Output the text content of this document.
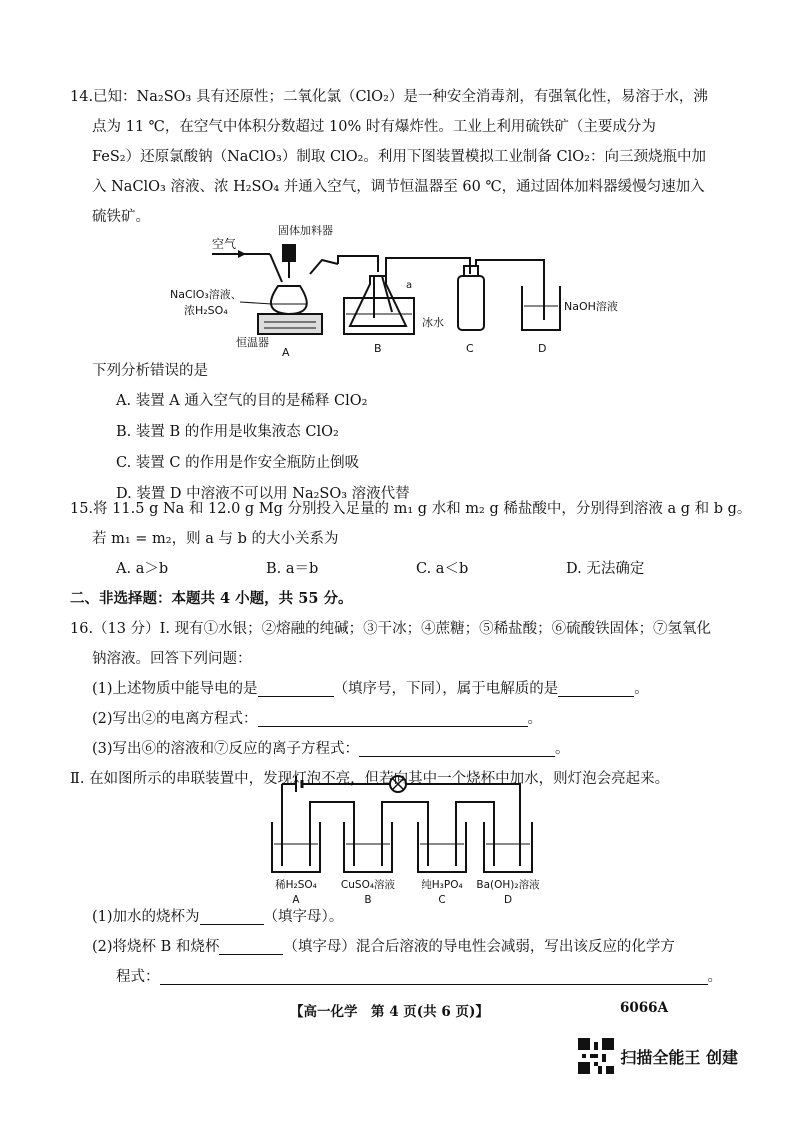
14.已知：Na₂SO₃ 具有还原性；二氧化氯（ClO₂）是一种安全消毒剂，有强氧化性，易溶于水，沸
点为 11 ℃，在空气中体积分数超过 10% 时有爆炸性。工业上利用硫铁矿（主要成分为
FeS₂）还原氯酸钠（NaClO₃）制取 ClO₂。利用下图装置模拟工业制备 ClO₂：向三颈烧瓶中加
入 NaClO₃ 溶液、浓 H₂SO₄ 并通入空气，调节恒温器至 60 ℃，通过固体加料器缓慢匀速加入
硫铁矿。
空气
固体加料器
NaClO₃溶液、
浓H₂SO₄
恒温器
A
a
冰水
B	C
NaOH溶液
D
下列分析错误的是
A. 装置 A 通入空气的目的是稀释 ClO₂
B. 装置 B 的作用是收集液态 ClO₂
C. 装置 C 的作用是作安全瓶防止倒吸
D. 装置 D 中溶液不可以用 Na₂SO₃ 溶液代替
15.将 11.5 g Na 和 12.0 g Mg 分别投入足量的 m₁ g 水和 m₂ g 稀盐酸中，分别得到溶液 a g 和 b g。
若 m₁ = m₂，则 a 与 b 的大小关系为
A. a＞b	B. a＝b	C. a＜b	D. 无法确定
二、非选择题：本题共 4 小题，共 55 分。
16.（13 分）Ⅰ. 现有①水银；②熔融的纯碱；③干冰；④蔗糖；⑤稀盐酸；⑥硫酸铁固体；⑦氢氧化
钠溶液。回答下列问题：
(1)上述物质中能导电的是	（填序号，下同），属于电解质的是	。
(2)写出②的电离方程式：	。
(3)写出⑥的溶液和⑦反应的离子方程式：	。
Ⅱ. 在如图所示的串联装置中，发现灯泡不亮，但若向其中一个烧杯中加水，则灯泡会亮起来。
稀H₂SO₄
A
CuSO₄溶液
B
纯H₃PO₄
C
Ba(OH)₂溶液
D
(1)加水的烧杯为	（填字母）。
(2)将烧杯 B 和烧杯	（填字母）混合后溶液的导电性会减弱，写出该反应的化学方
程式：	。
【高一化学　第 4 页(共 6 页)】	6066A
扫描全能王 创建
